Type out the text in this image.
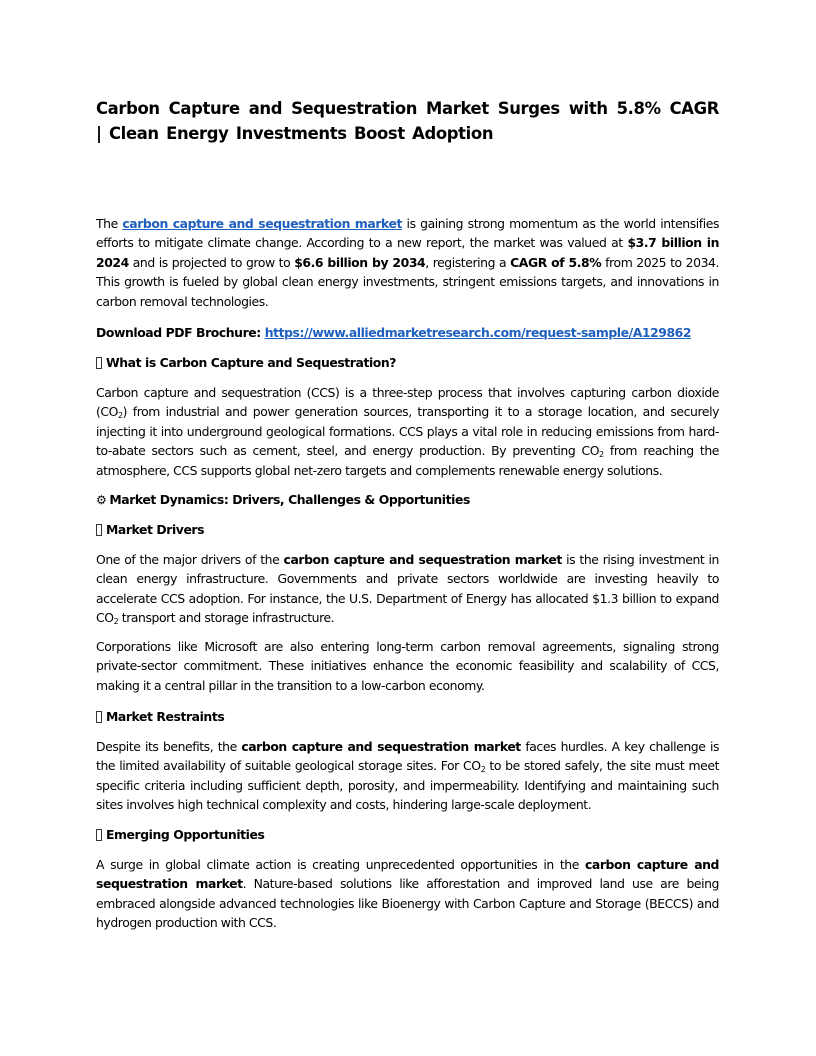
Carbon Capture and Sequestration Market Surges with 5.8% CAGR | Clean Energy Investments Boost Adoption

The carbon capture and sequestration market is gaining strong momentum as the world intensifies efforts to mitigate climate change. According to a new report, the market was valued at $3.7 billion in 2024 and is projected to grow to $6.6 billion by 2034, registering a CAGR of 5.8% from 2025 to 2034. This growth is fueled by global clean energy investments, stringent emissions targets, and innovations in carbon removal technologies.

Download PDF Brochure: https://www.alliedmarketresearch.com/request-sample/A129862

What is Carbon Capture and Sequestration?

Carbon capture and sequestration (CCS) is a three-step process that involves capturing carbon dioxide $(CO_2)$ from industrial and power generation sources, transporting it to a storage location, and securely injecting it into underground geological formations. CCS plays a vital role in reducing emissions from hard-to-abate sectors such as cement, steel, and energy production. By preventing $CO_2$ from reaching the atmosphere, CCS supports global net-zero targets and complements renewable energy solutions.

⚙ Market Dynamics: Drivers, Challenges & Opportunities
Market Drivers

One of the major drivers of the carbon capture and sequestration market is the rising investment in clean energy infrastructure. Governments and private sectors worldwide are investing heavily to accelerate CCS adoption. For instance, the U.S. Department of Energy has allocated $1.3 billion to expand $CO_2$ transport and storage infrastructure.

Corporations like Microsoft are also entering long-term carbon removal agreements, signaling strong private-sector commitment. These initiatives enhance the economic feasibility and scalability of CCS, making it a central pillar in the transition to a low-carbon economy.

Market Restraints

Despite its benefits, the carbon capture and sequestration market faces hurdles. A key challenge is the limited availability of suitable geological storage sites. For $CO_2$ to be stored safely, the site must meet specific criteria including sufficient depth, porosity, and impermeability. Identifying and maintaining such sites involves high technical complexity and costs, hindering large-scale deployment.

Emerging Opportunities

A surge in global climate action is creating unprecedented opportunities in the carbon capture and sequestration market. Nature-based solutions like afforestation and improved land use are being embraced alongside advanced technologies like Bioenergy with Carbon Capture and Storage (BECCS) and hydrogen production with CCS.
